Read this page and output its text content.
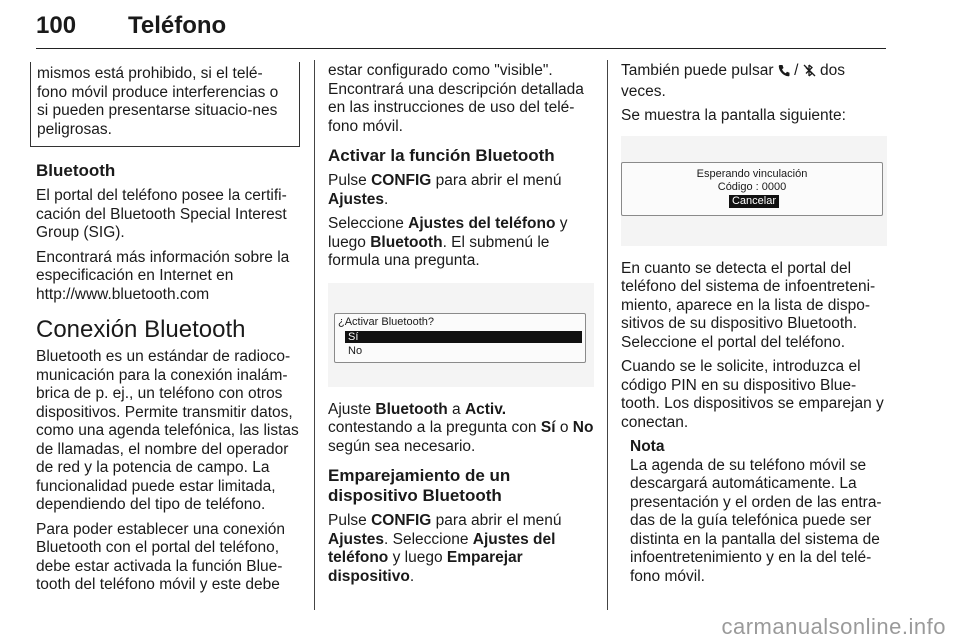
100 Teléfono
mismos está prohibido, si el telé-fono móvil produce interferencias o si pueden presentarse situacio-nes peligrosas.
Bluetooth

El portal del teléfono posee la certifi-cación del Bluetooth Special Interest Group (SIG).

Encontrará más información sobre la especificación en Internet en http://www.bluetooth.com

Conexión Bluetooth

Bluetooth es un estándar de radioco-municación para la conexión inalám-brica de p. ej., un teléfono con otros dispositivos. Permite transmitir datos, como una agenda telefónica, las listas de llamadas, el nombre del operador de red y la potencia de campo. La funcionalidad puede estar limitada, dependiendo del tipo de teléfono.

Para poder establecer una conexión Bluetooth con el portal del teléfono, debe estar activada la función Blue-tooth del teléfono móvil y este debe

estar configurado como "visible". Encontrará una descripción detallada en las instrucciones de uso del telé-fono móvil.

Activar la función Bluetooth

Pulse CONFIG para abrir el menú Ajustes.

Seleccione Ajustes del teléfono y luego Bluetooth. El submenú le formula una pregunta.

¿Activar Bluetooth?
Sí
No

Ajuste Bluetooth a Activ. contestando a la pregunta con Sí o No según sea necesario.

Emparejamiento de un dispositivo Bluetooth

Pulse CONFIG para abrir el menú Ajustes. Seleccione Ajustes del teléfono y luego Emparejar dispositivo.

También puede pulsar  /  dos veces.

Se muestra la pantalla siguiente:

Esperando vinculación
Código : 0000
Cancelar

En cuanto se detecta el portal del teléfono del sistema de infoentreteni-miento, aparece en la lista de dispo-sitivos de su dispositivo Bluetooth. Seleccione el portal del teléfono.

Cuando se le solicite, introduzca el código PIN en su dispositivo Blue-tooth. Los dispositivos se emparejan y conectan.

Nota
La agenda de su teléfono móvil se descargará automáticamente. La presentación y el orden de las entra-das de la guía telefónica puede ser distinta en la pantalla del sistema de infoentretenimiento y en la del telé-fono móvil.
carmanualsonline.info
